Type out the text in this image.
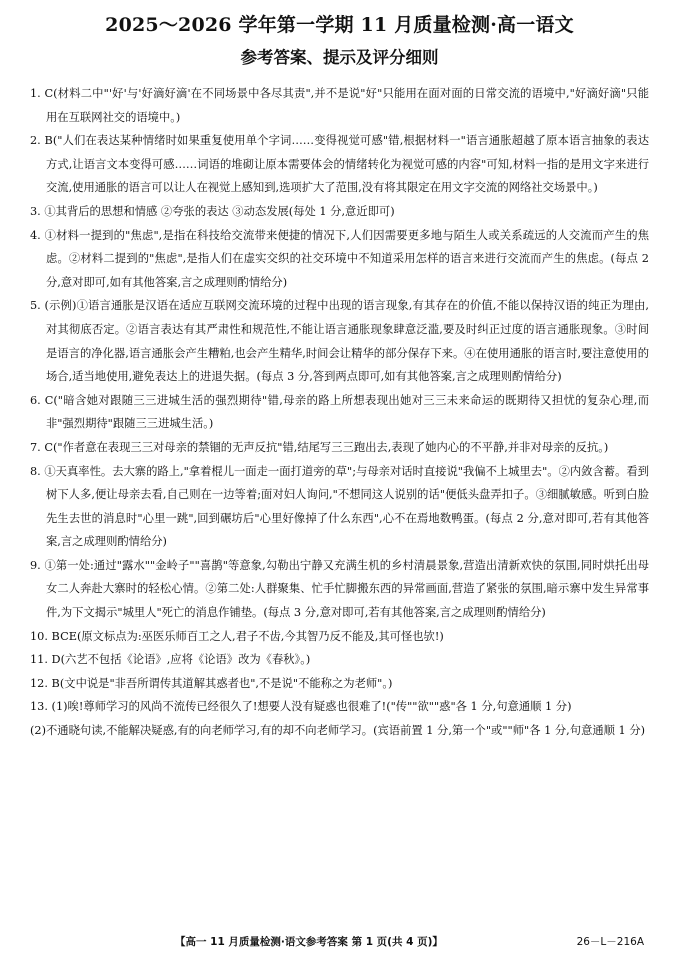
2025～2026 学年第一学期 11 月质量检测·高一语文
参考答案、提示及评分细则

1. C(材料二中"'好'与'好滴好滴'在不同场景中各尽其责",并不是说"好"只能用在面对面的日常交流的语境中,"好滴好滴"只能用在互联网社交的语境中。)

2. B("人们在表达某种情绪时如果重复使用单个字词……变得视觉可感"错,根据材料一"语言通胀超越了原本语言抽象的表达方式,让语言文本变得可感……词语的堆砌让原本需要体会的情绪转化为视觉可感的内容"可知,材料一指的是用文字来进行交流,使用通胀的语言可以让人在视觉上感知到,选项扩大了范围,没有将其限定在用文字交流的网络社交场景中。)

3. ①其背后的思想和情感 ②夸张的表达 ③动态发展(每处 1 分,意近即可)

4. ①材料一提到的"焦虑",是指在科技给交流带来便捷的情况下,人们因需要更多地与陌生人或关系疏远的人交流而产生的焦虑。②材料二提到的"焦虑",是指人们在虚实交织的社交环境中不知道采用怎样的语言来进行交流而产生的焦虑。(每点 2 分,意对即可,如有其他答案,言之成理则酌情给分)

5. (示例)①语言通胀是汉语在适应互联网交流环境的过程中出现的语言现象,有其存在的价值,不能以保持汉语的纯正为理由,对其彻底否定。②语言表达有其严肃性和规范性,不能让语言通胀现象肆意泛滥,要及时纠正过度的语言通胀现象。③时间是语言的净化器,语言通胀会产生糟粕,也会产生精华,时间会让精华的部分保存下来。④在使用通胀的语言时,要注意使用的场合,适当地使用,避免表达上的进退失据。(每点 3 分,答到两点即可,如有其他答案,言之成理则酌情给分)

6. C("暗含她对跟随三三进城生活的强烈期待"错,母亲的路上所想表现出她对三三未来命运的既期待又担忧的复杂心理,而非"强烈期待"跟随三三进城生活。)

7. C("作者意在表现三三对母亲的禁锢的无声反抗"错,结尾写三三跑出去,表现了她内心的不平静,并非对母亲的反抗。)

8. ①天真率性。去大寨的路上,"拿着棍儿一面走一面打道旁的草";与母亲对话时直接说"我偏不上城里去"。②内敛含蓄。看到树下人多,便让母亲去看,自己则在一边等着;面对妇人询问,"不想同这人说别的话"便低头盘弄扣子。③细腻敏感。听到白脸先生去世的消息时"心里一跳",回到碾坊后"心里好像掉了什么东西",心不在焉地数鸭蛋。(每点 2 分,意对即可,若有其他答案,言之成理则酌情给分)

9. ①第一处:通过"露水""金岭子""喜鹊"等意象,勾勒出宁静又充满生机的乡村清晨景象,营造出清新欢快的氛围,同时烘托出母女二人奔赴大寨时的轻松心情。②第二处:人群聚集、忙手忙脚搬东西的异常画面,营造了紧张的氛围,暗示寨中发生异常事件,为下文揭示"城里人"死亡的消息作铺垫。(每点 3 分,意对即可,若有其他答案,言之成理则酌情给分)

10. BCE(原文标点为:巫医乐师百工之人,君子不齿,今其智乃反不能及,其可怪也欤!)

11. D(六艺不包括《论语》,应将《论语》改为《春秋》。)

12. B(文中说是"非吾所谓传其道解其惑者也",不是说"不能称之为老师"。)

13. (1)唉!尊师学习的风尚不流传已经很久了!想要人没有疑惑也很难了!("传""欲""惑"各 1 分,句意通顺 1 分)
(2)不通晓句读,不能解决疑惑,有的向老师学习,有的却不向老师学习。(宾语前置 1 分,第一个"或""师"各 1 分,句意通顺 1 分)

【高一 11 月质量检测·语文参考答案 第 1 页(共 4 页)】	26－L－216A
